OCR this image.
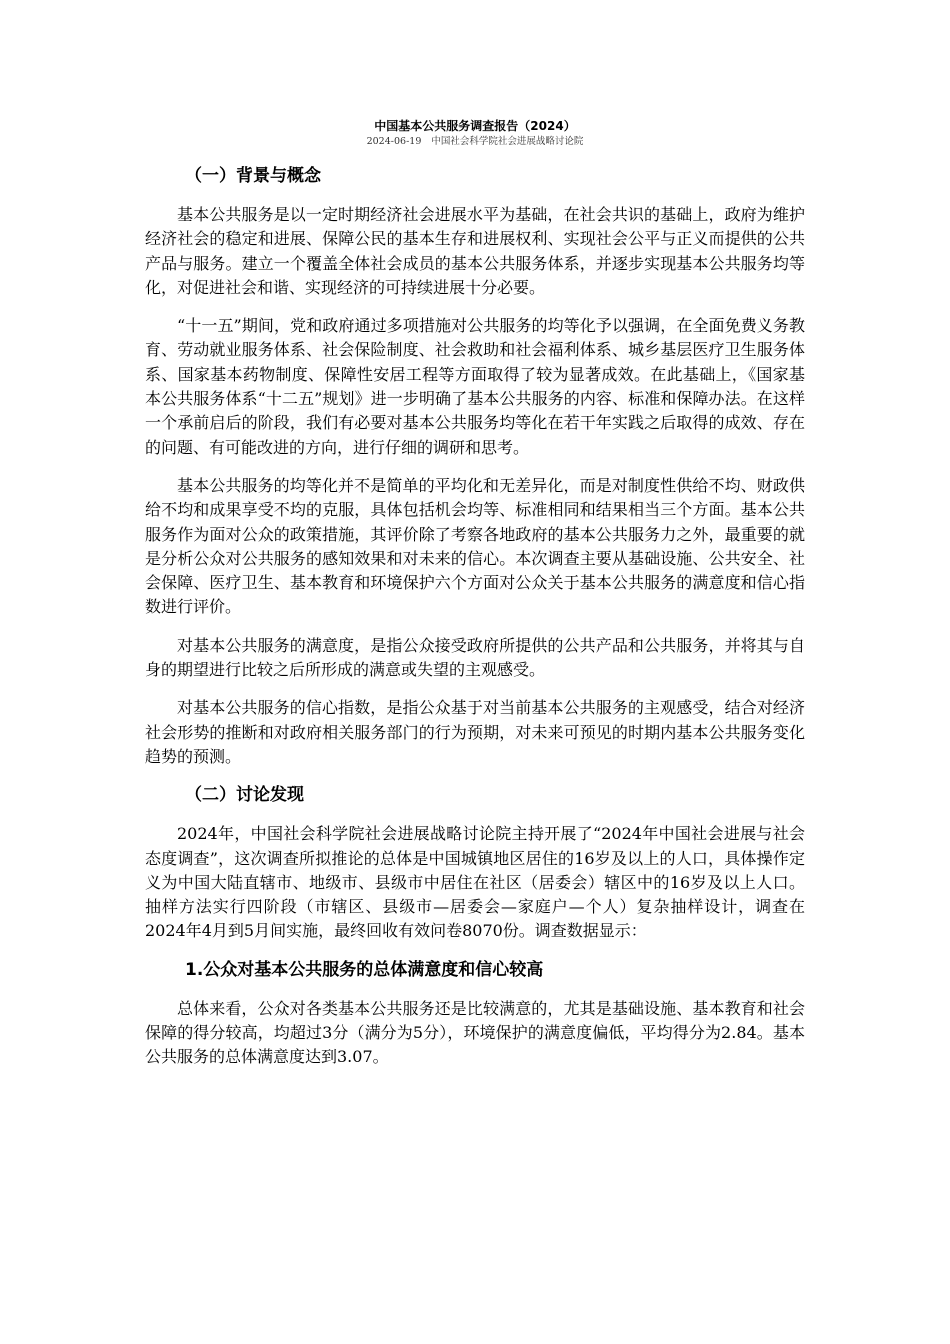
中国基本公共服务调查报告（2024）
2024-06-19 中国社会科学院社会进展战略讨论院
（一）背景与概念

基本公共服务是以一定时期经济社会进展水平为基础，在社会共识的基础上，政府为维护经济社会的稳定和进展、保障公民的基本生存和进展权利、实现社会公平与正义而提供的公共产品与服务。建立一个覆盖全体社会成员的基本公共服务体系，并逐步实现基本公共服务均等化，对促进社会和谐、实现经济的可持续进展十分必要。

“十一五”期间，党和政府通过多项措施对公共服务的均等化予以强调，在全面免费义务教育、劳动就业服务体系、社会保险制度、社会救助和社会福利体系、城乡基层医疗卫生服务体系、国家基本药物制度、保障性安居工程等方面取得了较为显著成效。在此基础上，《国家基本公共服务体系“十二五”规划》进一步明确了基本公共服务的内容、标准和保障办法。在这样一个承前启后的阶段，我们有必要对基本公共服务均等化在若干年实践之后取得的成效、存在的问题、有可能改进的方向，进行仔细的调研和思考。

基本公共服务的均等化并不是简单的平均化和无差异化，而是对制度性供给不均、财政供给不均和成果享受不均的克服，具体包括机会均等、标准相同和结果相当三个方面。基本公共服务作为面对公众的政策措施，其评价除了考察各地政府的基本公共服务力之外，最重要的就是分析公众对公共服务的感知效果和对未来的信心。本次调查主要从基础设施、公共安全、社会保障、医疗卫生、基本教育和环境保护六个方面对公众关于基本公共服务的满意度和信心指数进行评价。

对基本公共服务的满意度，是指公众接受政府所提供的公共产品和公共服务，并将其与自身的期望进行比较之后所形成的满意或失望的主观感受。

对基本公共服务的信心指数，是指公众基于对当前基本公共服务的主观感受，结合对经济社会形势的推断和对政府相关服务部门的行为预期，对未来可预见的时期内基本公共服务变化趋势的预测。

（二）讨论发现

2024年，中国社会科学院社会进展战略讨论院主持开展了“2024年中国社会进展与社会态度调查”，这次调查所拟推论的总体是中国城镇地区居住的16岁及以上的人口，具体操作定义为中国大陆直辖市、地级市、县级市中居住在社区（居委会）辖区中的16岁及以上人口。抽样方法实行四阶段（市辖区、县级市—居委会—家庭户—个人）复杂抽样设计，调查在2024年4月到5月间实施，最终回收有效问卷8070份。调查数据显示：

1.公众对基本公共服务的总体满意度和信心较高

总体来看，公众对各类基本公共服务还是比较满意的，尤其是基础设施、基本教育和社会保障的得分较高，均超过3分（满分为5分），环境保护的满意度偏低，平均得分为2.84。基本公共服务的总体满意度达到3.07。
